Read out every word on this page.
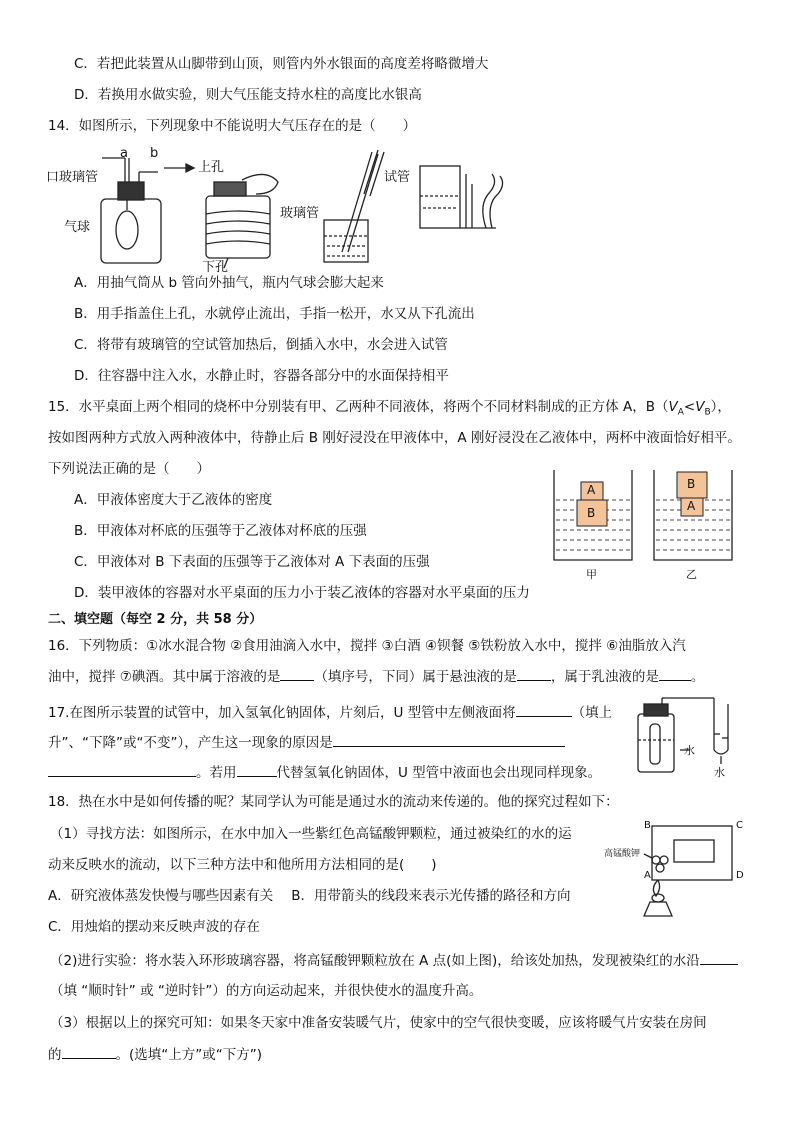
C．若把此装置从山脚带到山顶，则管内外水银面的高度差将略微增大
D．若换用水做实验，则大气压能支持水柱的高度比水银高
14．如图所示，下列现象中不能说明大气压存在的是（　　）
口玻璃管
a b
气球
上孔
下孔
玻璃管
试管
A．用抽气筒从 b 管向外抽气，瓶内气球会膨大起来
B．用手指盖住上孔，水就停止流出，手指一松开，水又从下孔流出
C．将带有玻璃管的空试管加热后，倒插入水中，水会进入试管
D．往容器中注入水，水静止时，容器各部分中的水面保持相平
15．水平桌面上两个相同的烧杯中分别装有甲、乙两种不同液体，将两个不同材料制成的正方体 A，$B(V_A<V_B)$，
按如图两种方式放入两种液体中，待静止后 B 刚好浸没在甲液体中，A 刚好浸没在乙液体中，两杯中液面恰好相平。
下列说法正确的是（　　）
A
B
B
A
甲	乙
A．甲液体密度大于乙液体的密度
B．甲液体对杯底的压强等于乙液体对杯底的压强
C．甲液体对 B 下表面的压强等于乙液体对 A 下表面的压强
D．装甲液体的容器对水平桌面的压力小于装乙液体的容器对水平桌面的压力
二、填空题（每空 2 分，共 58 分）
16．下列物质：①冰水混合物 ②食用油滴入水中，搅拌 ③白酒 ④钡餐 ⑤铁粉放入水中，搅拌 ⑥油脂放入汽
油中，搅拌 ⑦碘酒。其中属于溶液的是	（填序号，下同）属于悬浊液的是	，属于乳浊液的是 。
17.在图所示装置的试管中，加入氢氧化钠固体，片刻后，U 型管中左侧液面将	（填上
升”、“下降”或“不变”），产生这一现象的原因是
。若用	代替氢氧化钠固体，U 型管中液面也会出现同样现象。
水
水
18．热在水中是如何传播的呢？某同学认为可能是通过水的流动来传递的。他的探究过程如下：
（1）寻找方法：如图所示，在水中加入一些紫红色高锰酸钾颗粒，通过被染红的水的运
动来反映水的流动，以下三种方法中和他所用方法相同的是(　　)
A．研究液体蒸发快慢与哪些因素有关 B．用带箭头的线段来表示光传播的路径和方向
C．用烛焰的摆动来反映声波的存在
B	C
A	D
高锰酸钾
（2)进行实验：将水装入环形玻璃容器，将高锰酸钾颗粒放在 A 点(如上图)，给该处加热，发现被染红的水沿
（填 “顺时针” 或 “逆时针”）的方向运动起来，并很快使水的温度升高。
（3）根据以上的探究可知：如果冬天家中准备安装暖气片，使家中的空气很快变暖，应该将暖气片安装在房间
的	。(选填“上方”或“下方”)
